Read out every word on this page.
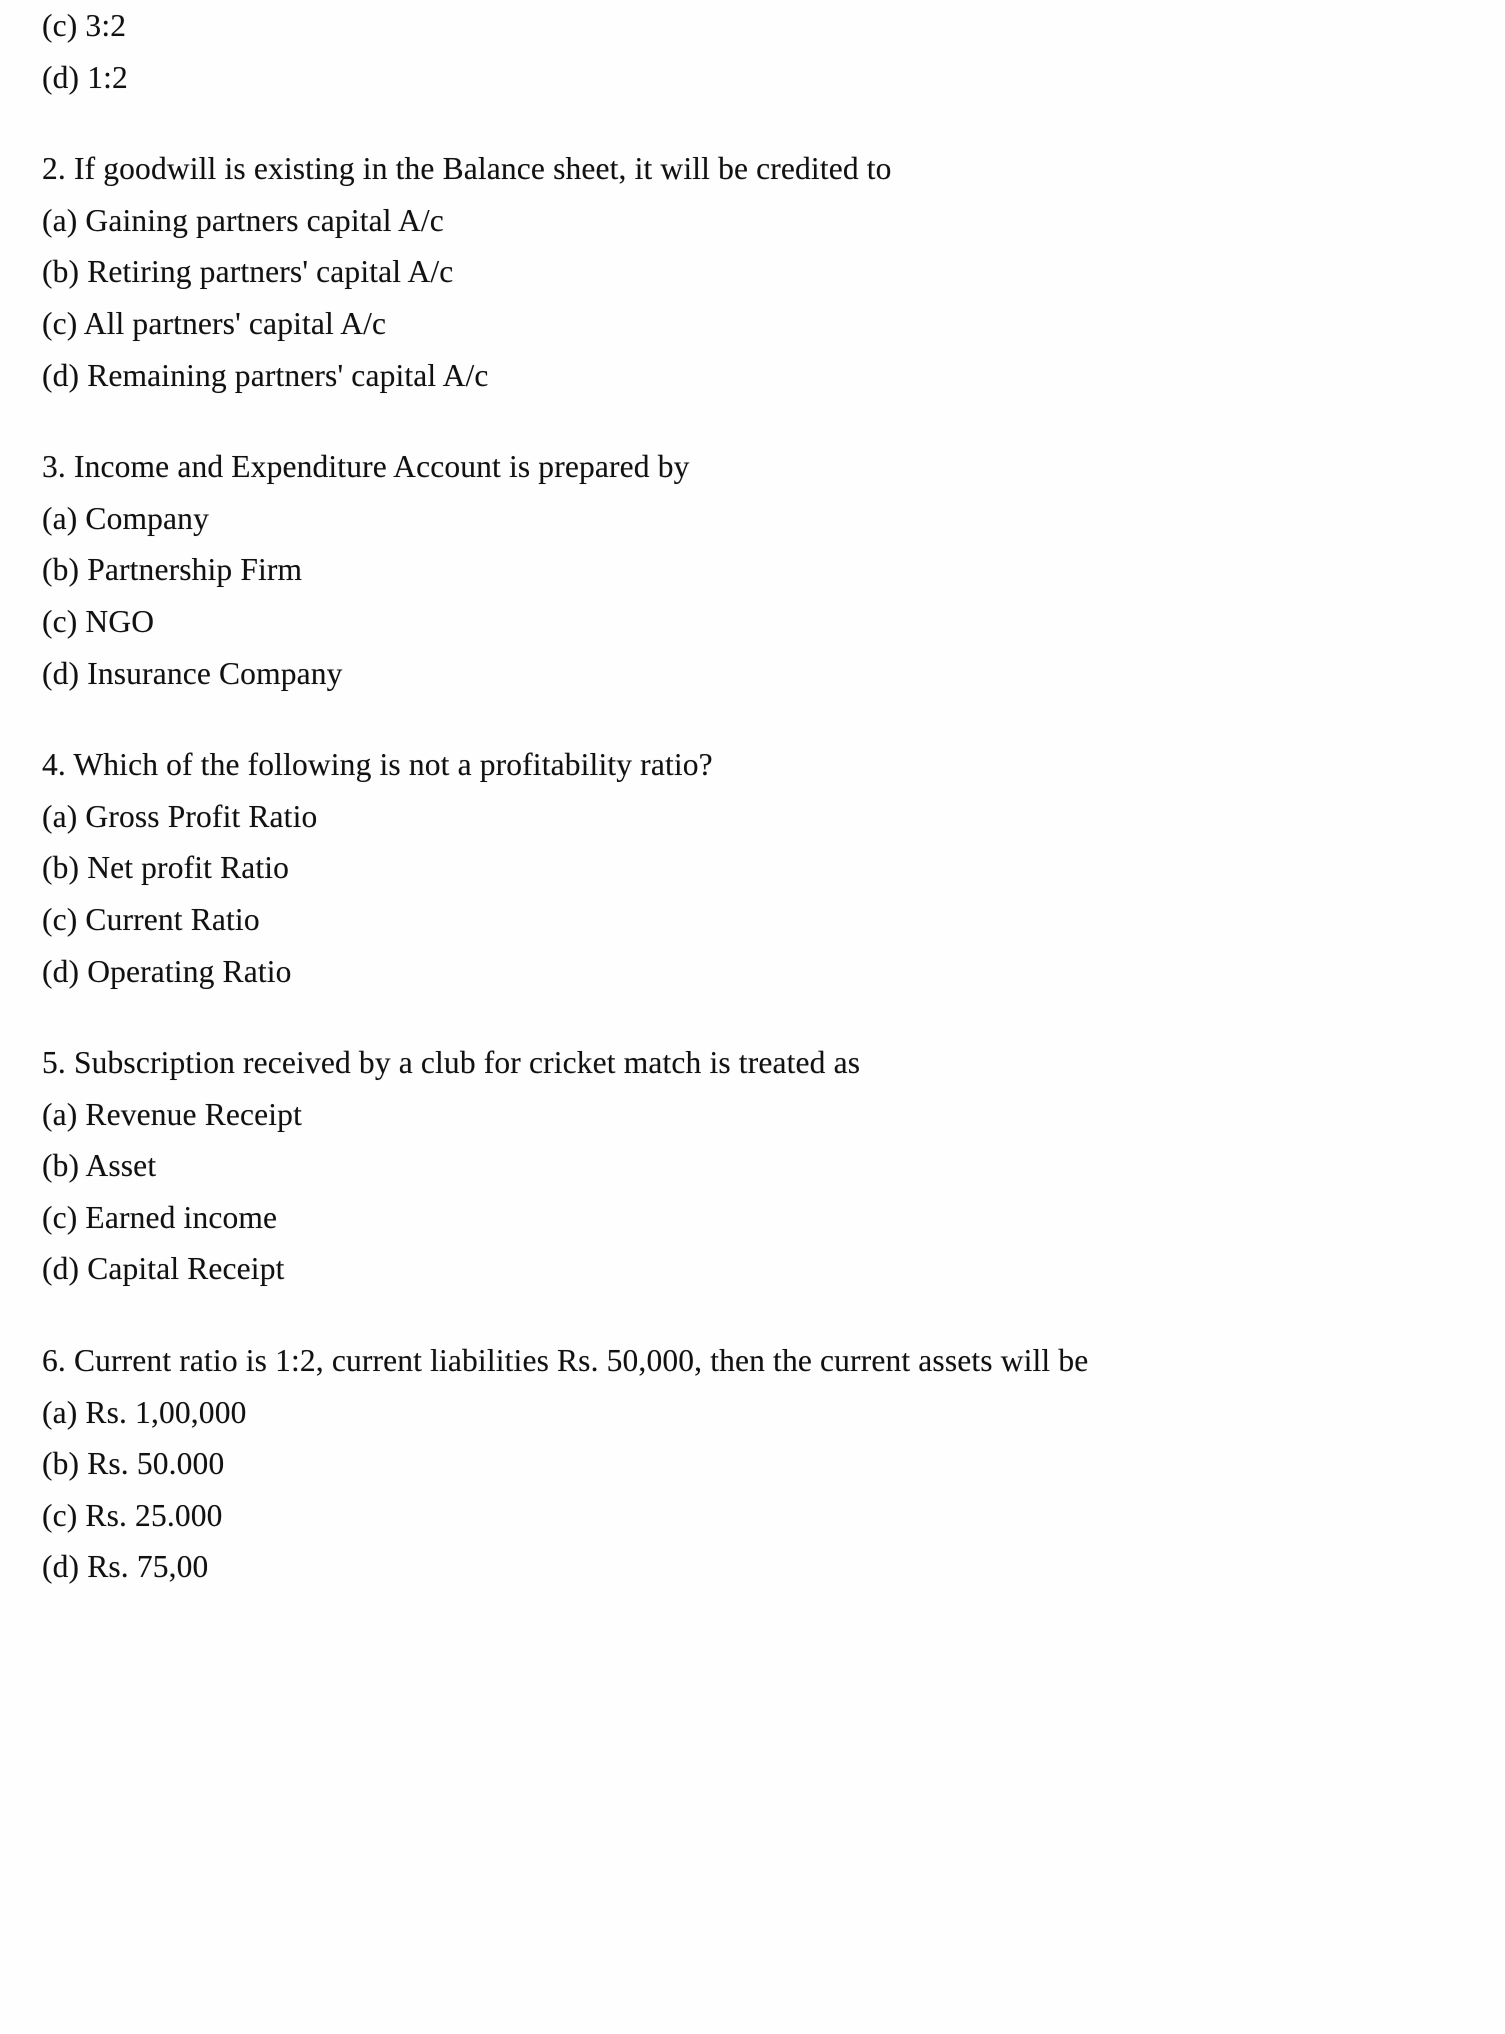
(c) 3:2
(d) 1:2
2. If goodwill is existing in the Balance sheet, it will be credited to
(a) Gaining partners capital A/c
(b) Retiring partners' capital A/c
(c) All partners' capital A/c
(d) Remaining partners' capital A/c
3. Income and Expenditure Account is prepared by
(a) Company
(b) Partnership Firm
(c) NGO
(d) Insurance Company
4. Which of the following is not a profitability ratio?
(a) Gross Profit Ratio
(b) Net profit Ratio
(c) Current Ratio
(d) Operating Ratio
5. Subscription received by a club for cricket match is treated as
(a) Revenue Receipt
(b) Asset
(c) Earned income
(d) Capital Receipt
6. Current ratio is 1:2, current liabilities Rs. 50,000, then the current assets will be
(a) Rs. 1,00,000
(b) Rs. 50.000
(c) Rs. 25.000
(d) Rs. 75,00
